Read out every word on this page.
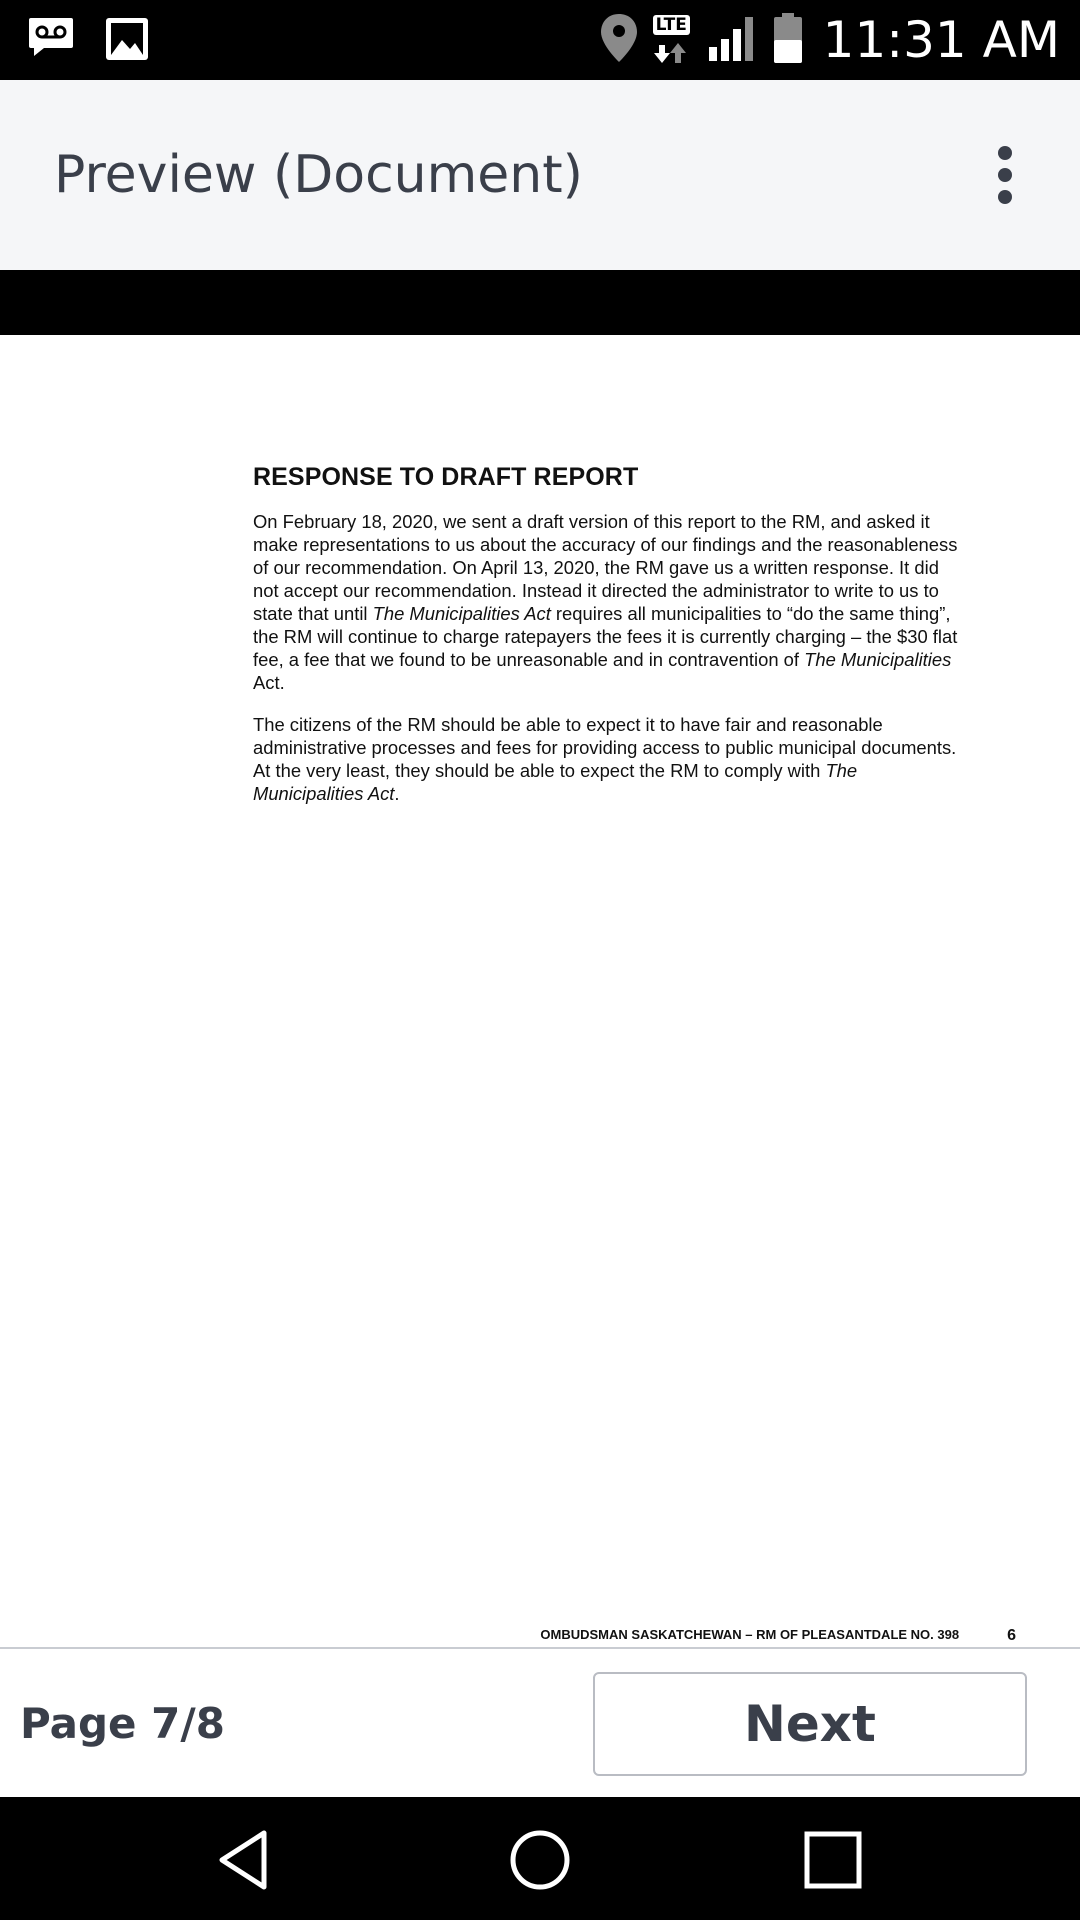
LTE	11:31 AM
Preview (Document)
RESPONSE TO DRAFT REPORT

On February 18, 2020, we sent a draft version of this report to the RM, and asked it make representations to us about the accuracy of our findings and the reasonableness of our recommendation. On April 13, 2020, the RM gave us a written response. It did not accept our recommendation. Instead it directed the administrator to write to us to state that until The Municipalities Act requires all municipalities to “do the same thing”, the RM will continue to charge ratepayers the fees it is currently charging – the $30 flat fee, a fee that we found to be unreasonable and in contravention of The Municipalities Act.

The citizens of the RM should be able to expect it to have fair and reasonable administrative processes and fees for providing access to public municipal documents. At the very least, they should be able to expect the RM to comply with The Municipalities Act.

OMBUDSMAN SASKATCHEWAN – RM OF PLEASANTDALE NO. 398	6
Page 7/8	Next
